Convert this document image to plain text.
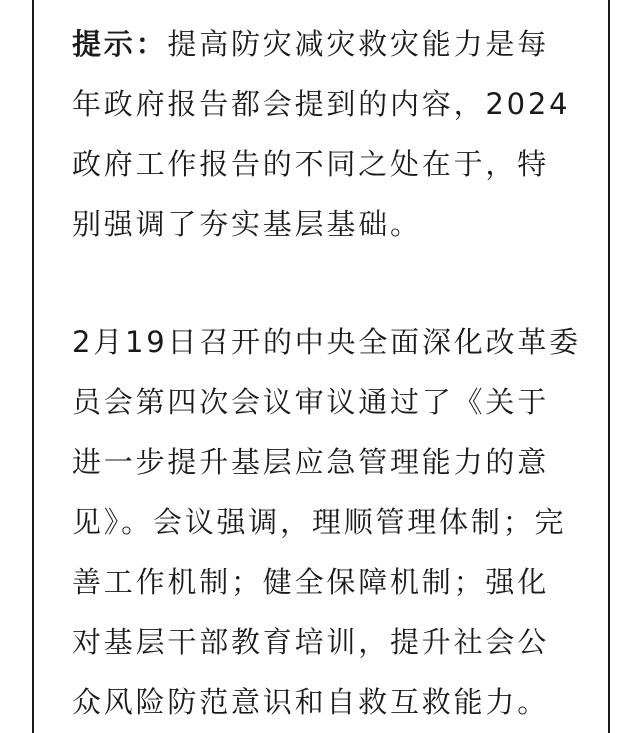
提示：提高防灾减灾救灾能力是每
年政府报告都会提到的内容，2024
政府工作报告的不同之处在于，特
别强调了夯实基层基础。

2月19日召开的中央全面深化改革委
员会第四次会议审议通过了《关于
进一步提升基层应急管理能力的意
见》。会议强调，理顺管理体制；完
善工作机制；健全保障机制；强化
对基层干部教育培训，提升社会公
众风险防范意识和自救互救能力。
